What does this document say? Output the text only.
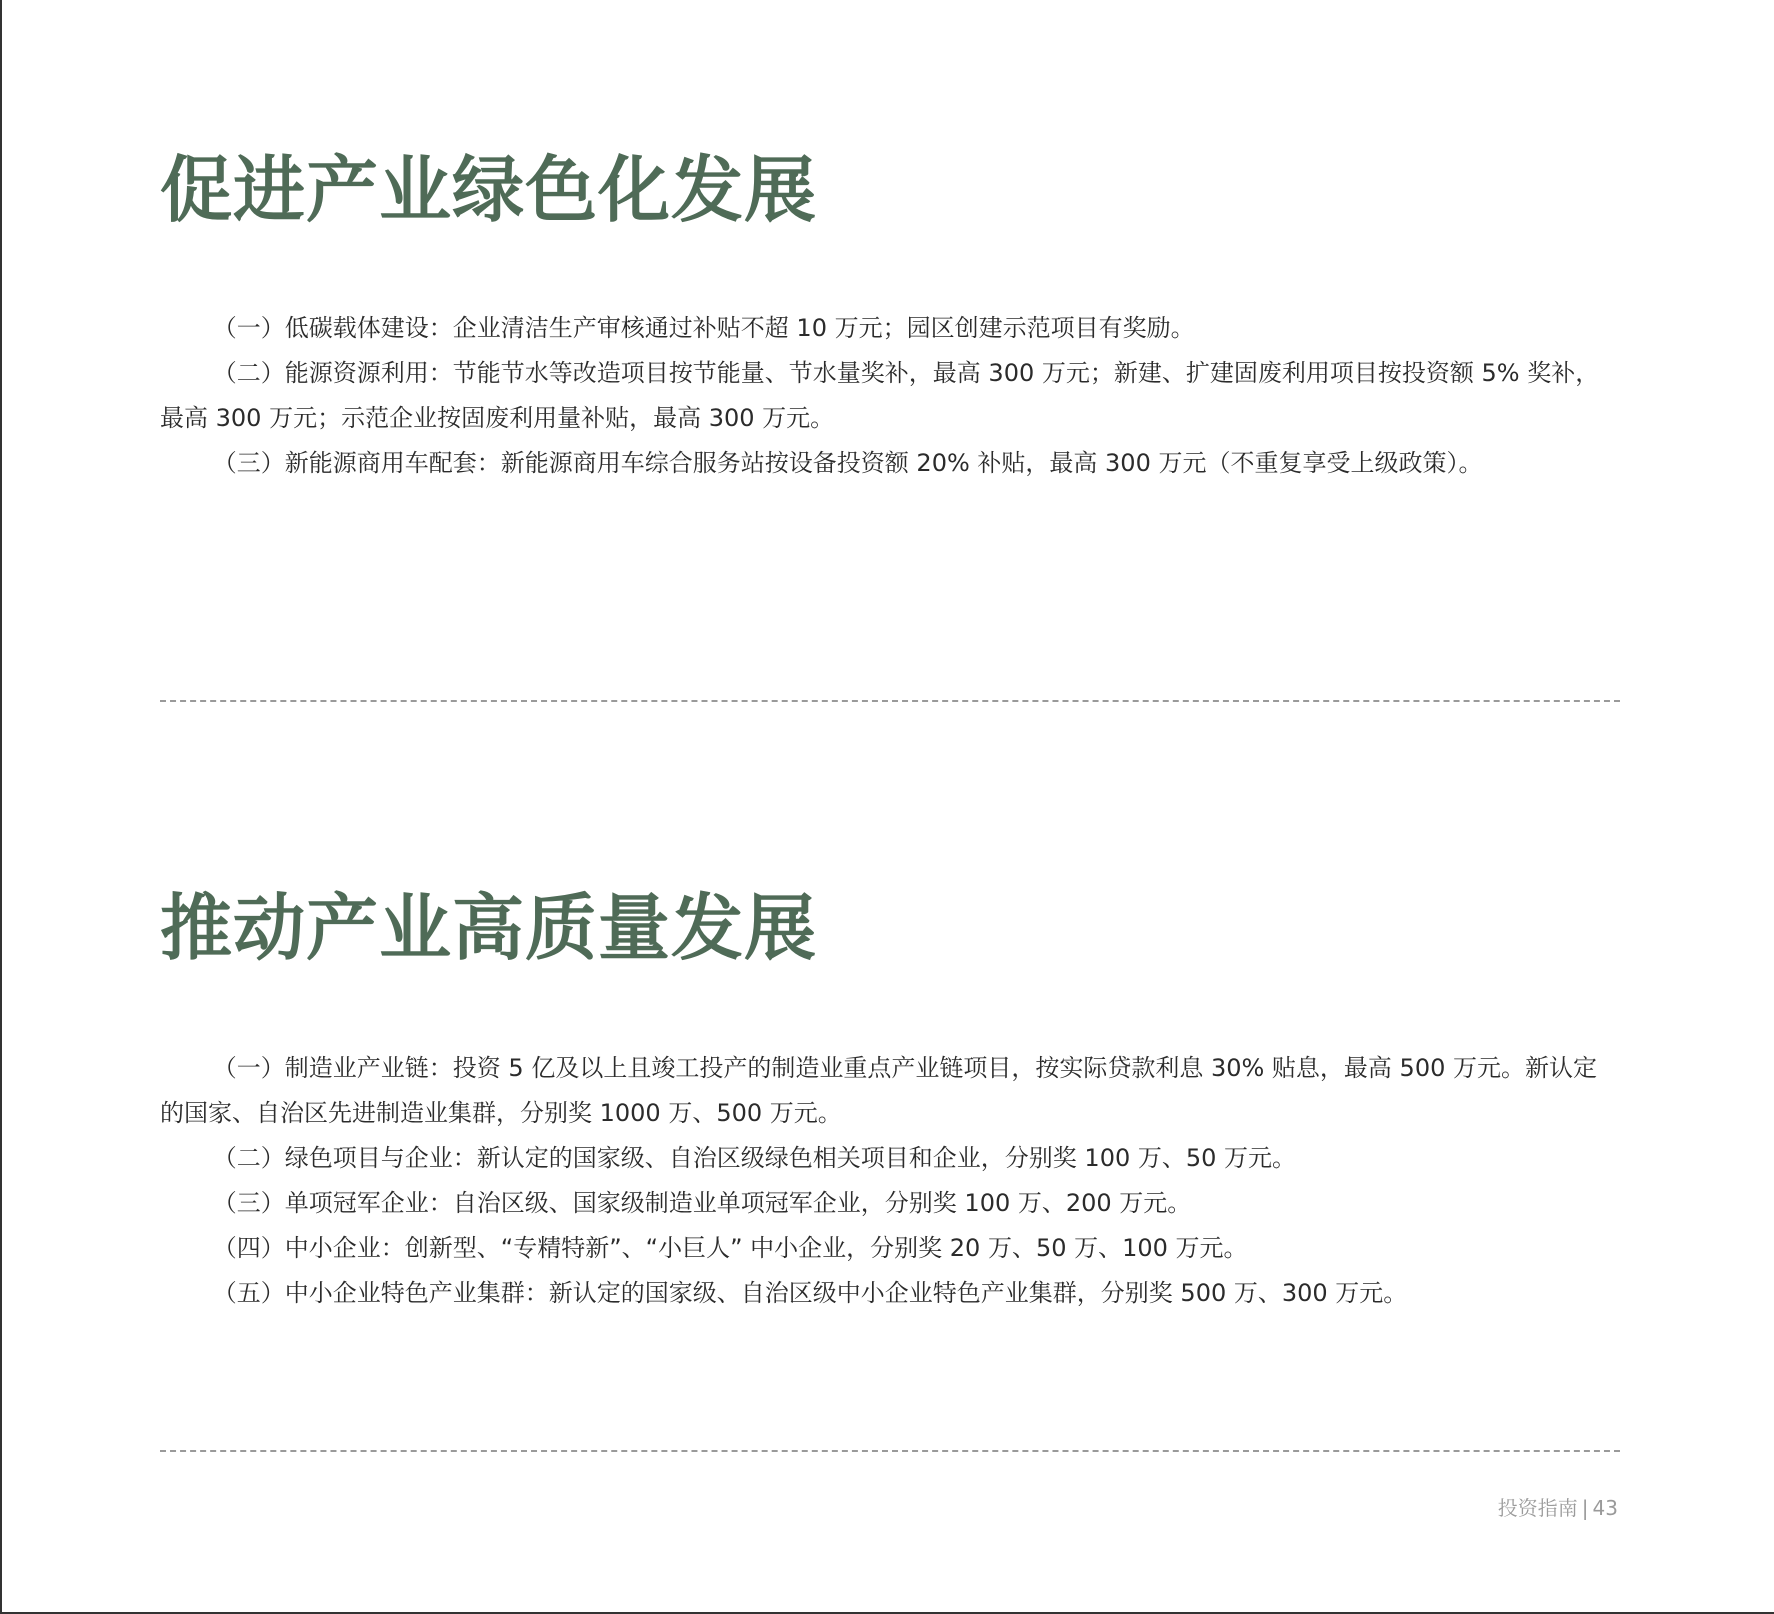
促进产业绿色化发展

（一）低碳载体建设：企业清洁生产审核通过补贴不超 10 万元；园区创建示范项目有奖励。

（二）能源资源利用：节能节水等改造项目按节能量、节水量奖补，最高 300 万元；新建、扩建固废利用项目按投资额 5% 奖补，最高 300 万元；示范企业按固废利用量补贴，最高 300 万元。

（三）新能源商用车配套：新能源商用车综合服务站按设备投资额 20% 补贴，最高 300 万元（不重复享受上级政策）。

推动产业高质量发展

（一）制造业产业链：投资 5 亿及以上且竣工投产的制造业重点产业链项目，按实际贷款利息 30% 贴息，最高 500 万元。新认定的国家、自治区先进制造业集群，分别奖 1000 万、500 万元。

（二）绿色项目与企业：新认定的国家级、自治区级绿色相关项目和企业，分别奖 100 万、50 万元。

（三）单项冠军企业：自治区级、国家级制造业单项冠军企业，分别奖 100 万、200 万元。

（四）中小企业：创新型、“专精特新”、“小巨人” 中小企业，分别奖 20 万、50 万、100 万元。

（五）中小企业特色产业集群：新认定的国家级、自治区级中小企业特色产业集群，分别奖 500 万、300 万元。

投资指南 | 43
